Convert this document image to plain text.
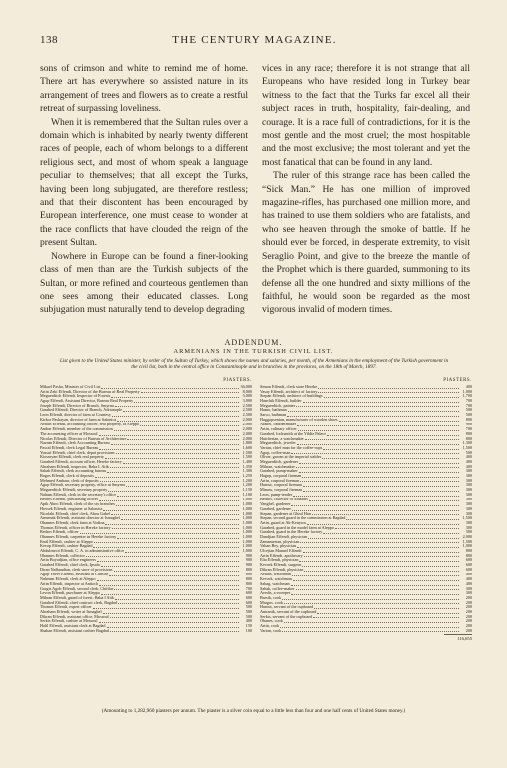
138	THE CENTURY MAGAZINE.

sons of crimson and white to remind me of home. There art has everywhere so assisted nature in its arrangement of trees and flowers as to create a restful retreat of surpassing loveliness.

When it is remembered that the Sultan rules over a domain which is inhabited by nearly twenty different races of people, each of whom belongs to a different religious sect, and most of whom speak a language peculiar to themselves; that all except the Turks, having been long subjugated, are therefore restless; and that their discontent has been encouraged by European interference, one must cease to wonder at the race conflicts that have clouded the reign of the present Sultan.

Nowhere in Europe can be found a finer-looking class of men than are the Turkish subjects of the Sultan, or more refined and courteous gentlemen than one sees among their educated classes. Long subjugation must naturally tend to develop degrading

vices in any race; therefore it is not strange that all Europeans who have resided long in Turkey bear witness to the fact that the Turks far excel all their subject races in truth, hospitality, fair-dealing, and courage. It is a race full of contradictions, for it is the most gentle and the most cruel; the most hospitable and the most exclusive; the most tolerant and yet the most fanatical that can be found in any land.

The ruler of this strange race has been called the “Sick Man.” He has one million of improved magazine-rifles, has purchased one million more, and has trained to use them soldiers who are fatalists, and who see heaven through the smoke of battle. If he should ever be forced, in desperate extremity, to visit Seraglio Point, and give to the breeze the mantle of the Prophet which is there guarded, summoning to its defense all the one hundred and sixty millions of the faithful, he would soon be regarded as the most vigorous invalid of modern times.

ADDENDUM.
ARMENIANS IN THE TURKISH CIVIL LIST.
List given to the United States minister, by order of the Sultan of Turkey, which shows the names and salaries, per month, of the Armenians in the employment of the Turkish government in the civil list, both in the central office in Constantinople and in branches in the provinces, on the 18th of March, 1897.
PIASTERS.
Mikael Pasha, Minister of Civil List	36,000
Artin Zeki Effendi, Director of the Bureau of Real Property	8,000
Meguerditch Effendi, Inspector of Forests	5,000
Agop Effendi, Assistant Director, Bureau Real Property	3,000
Joseph Effendi, Director of Branch, Smyrna	2,500
Garabed Effendi, Director of Branch, Adrianople	2,500
Leon Effendi, director of farm at Courtesy	2,500
Kirkor Pashayan, director of farm at Salonica	2,000
Avadis Effendi, accounting officer, real property, at Aleppo	2,000
Andon Effendi, member of the commission	2,000
The accounting officer at Mossoul	2,000
Nicolas Effendi, Director of Bureau of Architecture	2,000
Nazum Effendi, clerk Accounting Bureau	1,800
Pascal Effendi, clerk Legal Bureau	1,600
Yussuf Effendi, chief clerk, depot provisions	1,500
Kiosseyan Effendi, clerk real property	1,500
Garabed Effendi, account officer, Hereke factory	1,400
Abraham Effendi, inspector, Baba I. Atik	1,350
Sahak Effendi, clerk accounting bureau	1,300
Bogos Effendi, clerk of deposits	1,250
Mehmed Ambaar, clerk of deposits	1,200
Agop Effendi, secretary property, office at Smyrna	1,200
Meguerditch Effendi, secretary property	1,150
Nahum Effendi, clerk in the secretary's office	1,100
Bedros Effendi, purchasing officer	1,000
Apik Aboo Effendi, clerk of the six branches	1,000
Hovsek Effendi, engineer at Salonica	1,000
Nicolaki Effendi, chief clerk, Abou Gabel	1,000
Armenak Effendi, assistant director at Ismaghel	1,000
Ohannes Effendi, clerk farm at Vodina	1,000
Thomas Effendi, officer in Hereke factory	1,000
Bedros Effendi, officer	1,000
Ohannes Effendi, carpenter in Hereke factory	1,000
Emil Effendi, cashier at Aleppo	1,000
Kevop Effendi, cashier Bagdad	1,000
Abdulmecit Effendi, C. A. in administrative office	1,000
Ohannes Effendi, collector	900
Artin Boyadjian, office engineers	900
Garabed Effendi, chief clerk, Ipsala	900
Diran Nalbandian, clerk store of provisions	800
Agop Yaver Effendi, assistant at Chiftlar	800
Nahoum Effendi, clerk at Aleppo	800
Artin Effendi, inspector at Antioch	800
Gorgis Agob Effendi, second clerk, Chiftlar	700
Levon Effendi, purchaser at Aleppo	600
Mihran Effendi, guard of forest, Baba I Atik	600
Garabed Effendi, chief contract clerk, Bagdad	600
Thomas Effendi, expert officer	500
Abraham Effendi, writer at Ismaghel	500
Dikran Effendi, assistant office, Mossoul	500
Serkis Effendi, cashier at Mossoul	400
Halil Effendi, assistant clerk at Bagdad	150
Shahan Effendi, assistant cashier Bagdad	100
PIASTERS.
Simon Effendi, clerk store Hereke	400
Vasay Effendi, architect of factory	1,000
Stepan Effendi, architect of buildings	1,700
Hanchik Effendi, builder	700
Meguerditch, painter	700
Hamo, bathman	500
Sarco, bathman	500
Haggopsenian, manufacturer of wooden shoes	800
Arakel, cabinetmaker	900
Artin, culinary officer	700
Garabed, locksmith at the Yildiz Palace	800
Hatcherian, a watchmaker	800
Meguerditch, jeweler	1,300
Vartan, chief man for the coffee-cups	1,500
Agop, coffee-man	500
Oliver, groom at the imperial stables	400
Meguerditch, gardener	400
Mihran, watchmaker	400
Garabed, pump-maker	300
Hagop, corporal fireman	300
Artin, corporal fireman	300
Harout, corporal fireman	300
Minass, corporal fireman	300
Leon, pump-tender	300
Bedros, collector of Maktars	300
Vanghel, gardener	300
Garabed, gardener	300
Stepan, gardener at Ghiul Han	300
Stepan, second guard in the commission at Bagdad	1,500
Artin, guard at Ak-Kenyros	300
Garabed, guard in the model farm at Aleppo	300
Garabed, guard in the Hereke factory	300
Dandjian Effendi, physician	2,000
Zamamerian, physician	1,500
Vahan Bey, physician	1,000
Ulcejian Manuel Effendi	800
Artin Effendi, apothecary	800
Elia Effendi, physician	600
Kevork Effendi, surgeon	600
Dikran Effendi, physician	600
Avadis, watchman	400
Kevork, watchman	400
Sahag, watchman	400
Sahak, coffee-maker	300
Avedis, a sweeper	300
Barsik, cook	200
Margos, cook	200
Harout, servant of the cupboard	200
Antranik, servant of the cupboard	200
Serkis, servant of the cupboard	200
Ohanes, cook	200
Artin, cook	200
Vartan, cook	200
116,655
(Amounting to 1,282,960 piasters per annum. The piaster is a silver coin equal to a little less than four and one half cents of United States money.)
